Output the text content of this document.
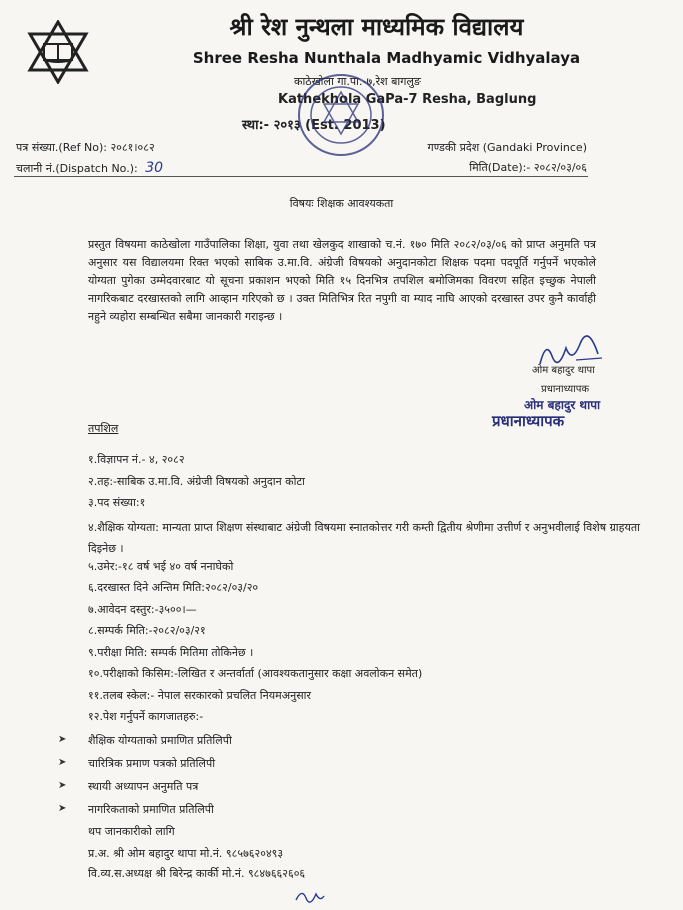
श्री रेश नुन्थला माध्यमिक विद्यालय
Shree Resha Nunthala Madhyamic Vidhyalaya
काठेखोला गा.पा.-७,रेश बागलुङ
Kathekhola GaPa-7 Resha, Baglung
स्था:- २०१३ (Est. 2013)
पत्र संख्या.(Ref No): २०८१।०८२
चलानी नं.(Dispatch No.): 30
गण्डकी प्रदेश (Gandaki Province)
मिति(Date):- २०८२/०३/०६
विषयः शिक्षक आवश्यकता
प्रस्तुत विषयमा काठेखोला गाउँपालिका शिक्षा, युवा तथा खेलकुद शाखाको च.नं. १७० मिति २०८२/०३/०६ को प्राप्त अनुमति पत्र अनुसार यस विद्यालयमा रिक्त भएको साबिक उ.मा.वि. अंग्रेजी विषयको अनुदानकोटा शिक्षक पदमा पदपूर्ति गर्नुपर्ने भएकोले योग्यता पुगेका उम्मेदवारबाट यो सूचना प्रकाशन भएको मिति १५ दिनभित्र तपशिल बमोजिमका विवरण सहित इच्छुक नेपाली नागरिकबाट दरखास्तको लागि आव्हान गरिएको छ । उक्त मितिभित्र रित नपुगी वा म्याद नाघि आएको दरखास्त उपर कुनै कार्वाही नहुने व्यहोरा सम्बन्धित सबैमा जानकारी गराइन्छ ।
ओम बहादुर थापा
प्रधानाध्यापक
ओम बहादुर थापा
प्रधानाध्यापक
तपशिल
१.विज्ञापन नं.- ४, २०८२
२.तह:-साबिक उ.मा.वि. अंग्रेजी विषयको अनुदान कोटा
३.पद संख्या:१
४.शैक्षिक योग्यता: मान्यता प्राप्त शिक्षण संस्थाबाट अंग्रेजी विषयमा स्नातकोत्तर गरी कम्ती द्वितीय श्रेणीमा उत्तीर्ण र अनुभवीलाई विशेष ग्राहयता दिइनेछ ।
५.उमेर:-१८ वर्ष भई ४० वर्ष ननाघेको
६.दरखास्त दिने अन्तिम मिति:२०८२/०३/२०
७.आवेदन दस्तुर:-३५००।—
८.सम्पर्क मिति:-२०८२/०३/२१
९.परीक्षा मिति: सम्पर्क मितिमा तोकिनेछ ।
१०.परीक्षाको किसिम:-लिखित र अन्तर्वार्ता (आवश्यकतानुसार कक्षा अवलोकन समेत)
११.तलब स्केल:- नेपाल सरकारको प्रचलित नियमअनुसार
१२.पेश गर्नुपर्ने कागजातहरु:-
➤ शैक्षिक योग्यताको प्रमाणित प्रतिलिपी
➤ चारित्रिक प्रमाण पत्रको प्रतिलिपी
➤ स्थायी अध्यापन अनुमति पत्र
➤ नागरिकताको प्रमाणित प्रतिलिपी
थप जानकारीको लागि
प्र.अ. श्री ओम बहादुर थापा मो.नं. ९८५७६२०४९३
वि.व्य.स.अध्यक्ष श्री बिरेन्द्र कार्की मो.नं. ९८४७६६२६०६
